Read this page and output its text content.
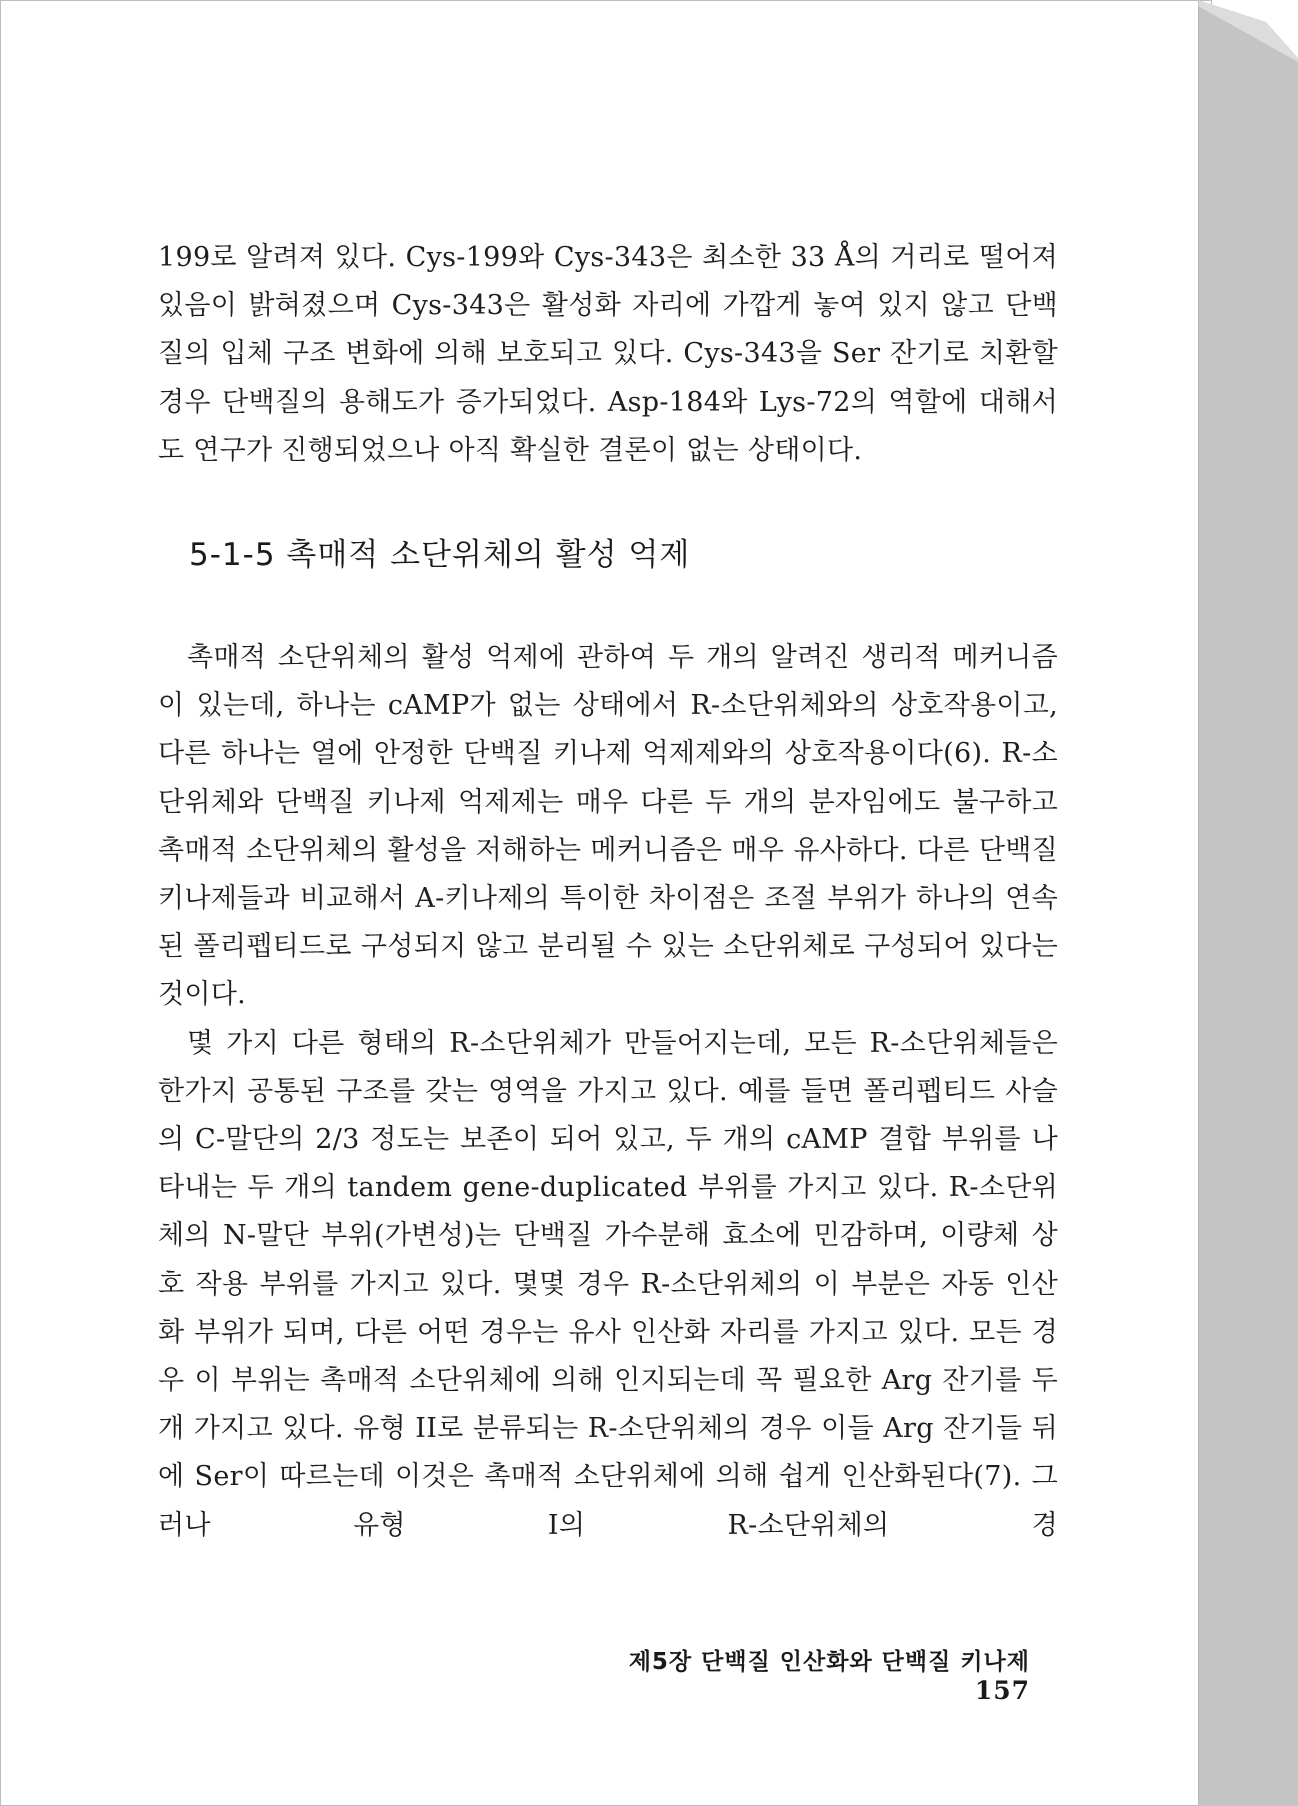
199로 알려져 있다. Cys-199와 Cys-343은 최소한 33 Å의 거리로 떨어져 있음이 밝혀졌으며 Cys-343은 활성화 자리에 가깝게 놓여 있지 않고 단백질의 입체 구조 변화에 의해 보호되고 있다. Cys-343을 Ser 잔기로 치환할 경우 단백질의 용해도가 증가되었다. Asp-184와 Lys-72의 역할에 대해서도 연구가 진행되었으나 아직 확실한 결론이 없는 상태이다.

5-1-5 촉매적 소단위체의 활성 억제

촉매적 소단위체의 활성 억제에 관하여 두 개의 알려진 생리적 메커니즘이 있는데, 하나는 cAMP가 없는 상태에서 R-소단위체와의 상호작용이고, 다른 하나는 열에 안정한 단백질 키나제 억제제와의 상호작용이다(6). R-소단위체와 단백질 키나제 억제제는 매우 다른 두 개의 분자임에도 불구하고 촉매적 소단위체의 활성을 저해하는 메커니즘은 매우 유사하다. 다른 단백질 키나제들과 비교해서 A-키나제의 특이한 차이점은 조절 부위가 하나의 연속된 폴리펩티드로 구성되지 않고 분리될 수 있는 소단위체로 구성되어 있다는 것이다.

몇 가지 다른 형태의 R-소단위체가 만들어지는데, 모든 R-소단위체들은 한가지 공통된 구조를 갖는 영역을 가지고 있다. 예를 들면 폴리펩티드 사슬의 C-말단의 2/3 정도는 보존이 되어 있고, 두 개의 cAMP 결합 부위를 나타내는 두 개의 tandem gene-duplicated 부위를 가지고 있다. R-소단위체의 N-말단 부위(가변성)는 단백질 가수분해 효소에 민감하며, 이량체 상호 작용 부위를 가지고 있다. 몇몇 경우 R-소단위체의 이 부분은 자동 인산화 부위가 되며, 다른 어떤 경우는 유사 인산화 자리를 가지고 있다. 모든 경우 이 부위는 촉매적 소단위체에 의해 인지되는데 꼭 필요한 Arg 잔기를 두 개 가지고 있다. 유형 II로 분류되는 R-소단위체의 경우 이들 Arg 잔기들 뒤에 Ser이 따르는데 이것은 촉매적 소단위체에 의해 쉽게 인산화된다(7). 그러나 유형 I의 R-소단위체의 경

제5장 단백질 인산화와 단백질 키나제157
